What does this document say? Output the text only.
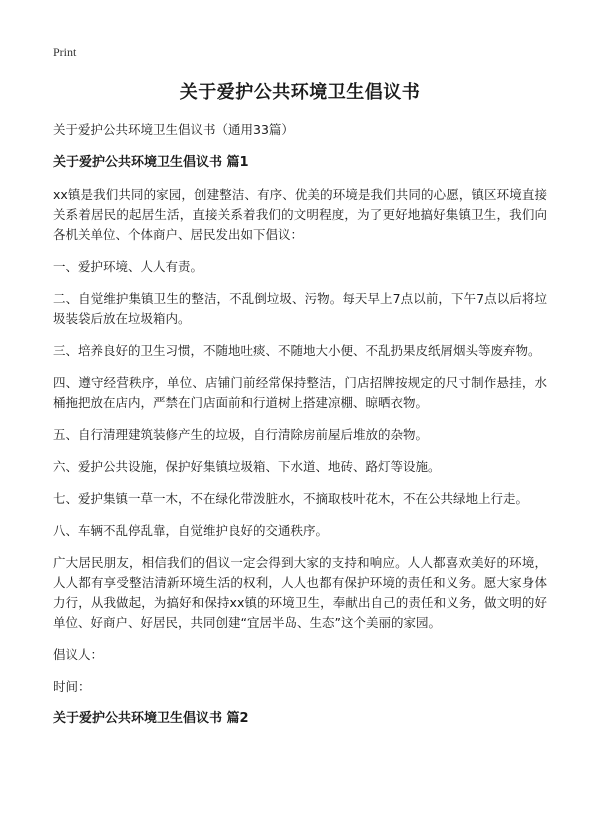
Print
关于爱护公共环境卫生倡议书

关于爱护公共环境卫生倡议书（通用33篇）

关于爱护公共环境卫生倡议书 篇1

xx镇是我们共同的家园，创建整洁、有序、优美的环境是我们共同的心愿，镇区环境直接关系着居民的起居生活，直接关系着我们的文明程度，为了更好地搞好集镇卫生，我们向各机关单位、个体商户、居民发出如下倡议：

一、爱护环境、人人有责。

二、自觉维护集镇卫生的整洁，不乱倒垃圾、污物。每天早上7点以前，下午7点以后将垃圾装袋后放在垃圾箱内。

三、培养良好的卫生习惯，不随地吐痰、不随地大小便、不乱扔果皮纸屑烟头等废弃物。

四、遵守经营秩序，单位、店铺门前经常保持整洁，门店招牌按规定的尺寸制作悬挂，水桶拖把放在店内，严禁在门店面前和行道树上搭建凉棚、晾晒衣物。

五、自行清理建筑装修产生的垃圾，自行清除房前屋后堆放的杂物。

六、爱护公共设施，保护好集镇垃圾箱、下水道、地砖、路灯等设施。

七、爱护集镇一草一木，不在绿化带泼脏水，不摘取枝叶花木，不在公共绿地上行走。

八、车辆不乱停乱靠，自觉维护良好的交通秩序。

广大居民朋友，相信我们的倡议一定会得到大家的支持和响应。人人都喜欢美好的环境，人人都有享受整洁清新环境生活的权利，人人也都有保护环境的责任和义务。愿大家身体力行，从我做起，为搞好和保持xx镇的环境卫生，奉献出自己的责任和义务，做文明的好单位、好商户、好居民，共同创建“宜居半岛、生态”这个美丽的家园。

倡议人：

时间：

关于爱护公共环境卫生倡议书 篇2
